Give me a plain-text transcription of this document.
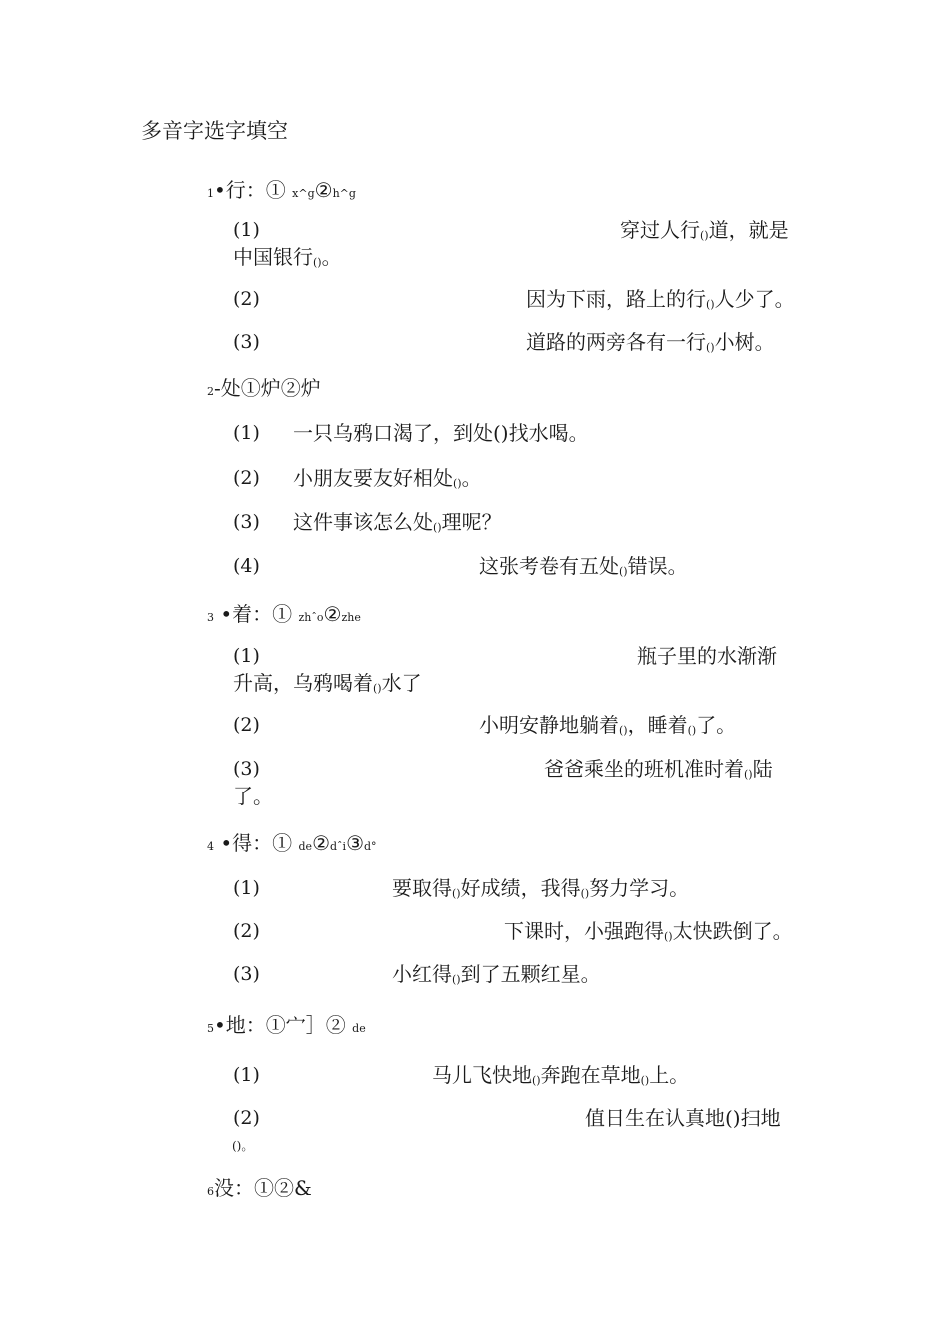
多音字选字填空
1•行：① x^g②h^g
(1)	穿过人行()道，就是
中国银行()。
(2)	因为下雨，路上的行()人少了。
(3)	道路的两旁各有一行()小树。
2-处①炉②炉
(1) 一只乌鸦口渴了，到处()找水喝。
(2) 小朋友要友好相处()。
(3) 这件事该怎么处()理呢？
(4)	这张考卷有五处()错误。
3 •着：① zhˆo②zhe
(1)	瓶子里的水渐渐
升高，乌鸦喝着()水了
(2)	小明安静地躺着()，睡着()了。
(3)	爸爸乘坐的班机准时着()陆
了。
4 •得：① de②dˆi③d°
(1)	要取得()好成绩，我得()努力学习。
(2)	下课时，小强跑得()太快跌倒了。
(3)	小红得()到了五颗红星。
5•地：①宀］② de
(1)	马儿飞快地()奔跑在草地()上。
(2)	值日生在认真地()扫地
()。
6没：①②&
